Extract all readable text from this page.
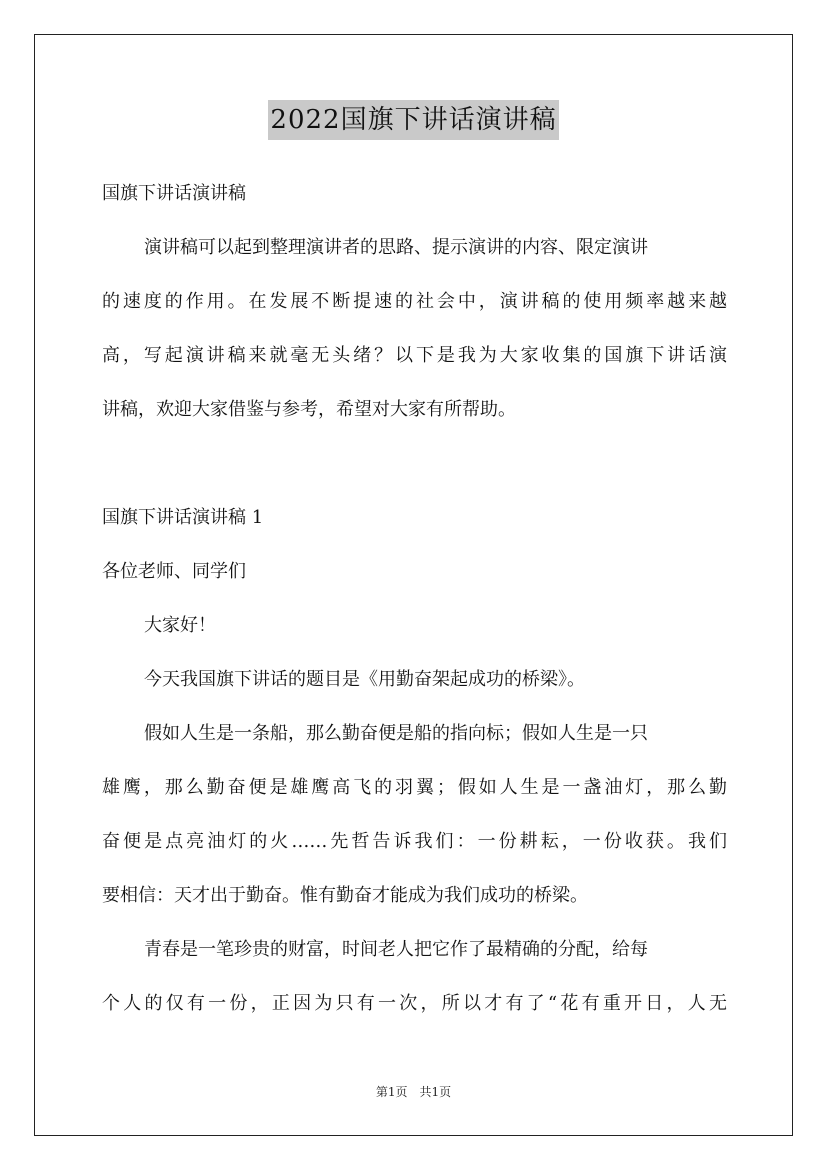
2022国旗下讲话演讲稿
国旗下讲话演讲稿
演讲稿可以起到整理演讲者的思路、提示演讲的内容、限定演讲
的速度的作用。在发展不断提速的社会中，演讲稿的使用频率越来越
高，写起演讲稿来就毫无头绪？以下是我为大家收集的国旗下讲话演
讲稿，欢迎大家借鉴与参考，希望对大家有所帮助。
国旗下讲话演讲稿 1
各位老师、同学们
大家好！
今天我国旗下讲话的题目是《用勤奋架起成功的桥梁》。
假如人生是一条船，那么勤奋便是船的指向标；假如人生是一只
雄鹰，那么勤奋便是雄鹰高飞的羽翼；假如人生是一盏油灯，那么勤
奋便是点亮油灯的火……先哲告诉我们：一份耕耘，一份收获。我们
要相信：天才出于勤奋。惟有勤奋才能成为我们成功的桥梁。
青春是一笔珍贵的财富，时间老人把它作了最精确的分配，给每
个人的仅有一份，正因为只有一次，所以才有了“花有重开日，人无
第1页　共1页
